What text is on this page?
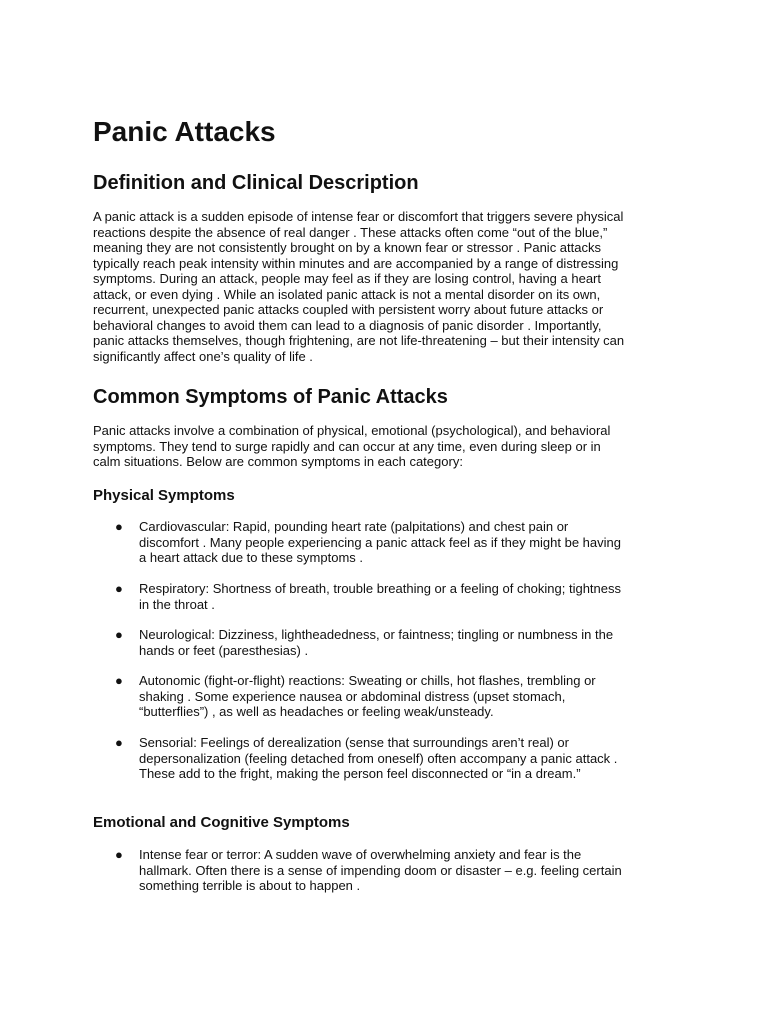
Panic Attacks
Definition and Clinical Description
A panic attack is a sudden episode of intense fear or discomfort that triggers severe physical
reactions despite the absence of real danger . These attacks often come “out of the blue,”
meaning they are not consistently brought on by a known fear or stressor . Panic attacks
typically reach peak intensity within minutes and are accompanied by a range of distressing
symptoms. During an attack, people may feel as if they are losing control, having a heart
attack, or even dying . While an isolated panic attack is not a mental disorder on its own,
recurrent, unexpected panic attacks coupled with persistent worry about future attacks or
behavioral changes to avoid them can lead to a diagnosis of panic disorder . Importantly,
panic attacks themselves, though frightening, are not life-threatening – but their intensity can
significantly affect one’s quality of life .
Common Symptoms of Panic Attacks
Panic attacks involve a combination of physical, emotional (psychological), and behavioral
symptoms. They tend to surge rapidly and can occur at any time, even during sleep or in
calm situations. Below are common symptoms in each category:
Physical Symptoms
● Cardiovascular: Rapid, pounding heart rate (palpitations) and chest pain or
discomfort . Many people experiencing a panic attack feel as if they might be having
a heart attack due to these symptoms .
● Respiratory: Shortness of breath, trouble breathing or a feeling of choking; tightness
in the throat .
● Neurological: Dizziness, lightheadedness, or faintness; tingling or numbness in the
hands or feet (paresthesias) .
● Autonomic (fight-or-flight) reactions: Sweating or chills, hot flashes, trembling or
shaking . Some experience nausea or abdominal distress (upset stomach,
“butterflies”) , as well as headaches or feeling weak/unsteady.
● Sensorial: Feelings of derealization (sense that surroundings aren’t real) or
depersonalization (feeling detached from oneself) often accompany a panic attack .
These add to the fright, making the person feel disconnected or “in a dream.”
Emotional and Cognitive Symptoms
● Intense fear or terror: A sudden wave of overwhelming anxiety and fear is the
hallmark. Often there is a sense of impending doom or disaster – e.g. feeling certain
something terrible is about to happen .
